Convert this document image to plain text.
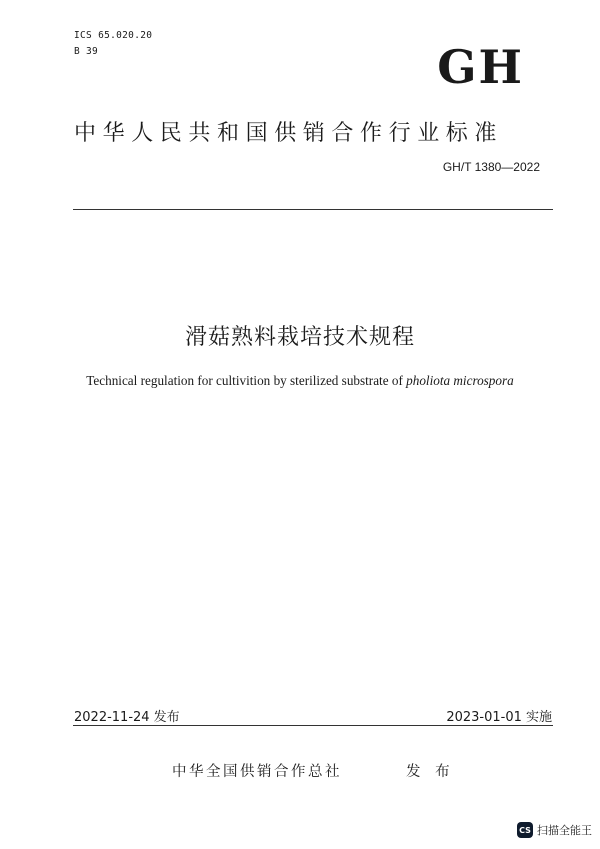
ICS 65.020.20
B 39	GH
中华人民共和国供销合作行业标准
GH/T 1380—2022
滑菇熟料栽培技术规程
Technical regulation for cultivition by sterilized substrate of pholiota microspora
2022-11-24 发布	2023-01-01 实施
中华全国供销合作总社	发 布
CS 扫描全能王
